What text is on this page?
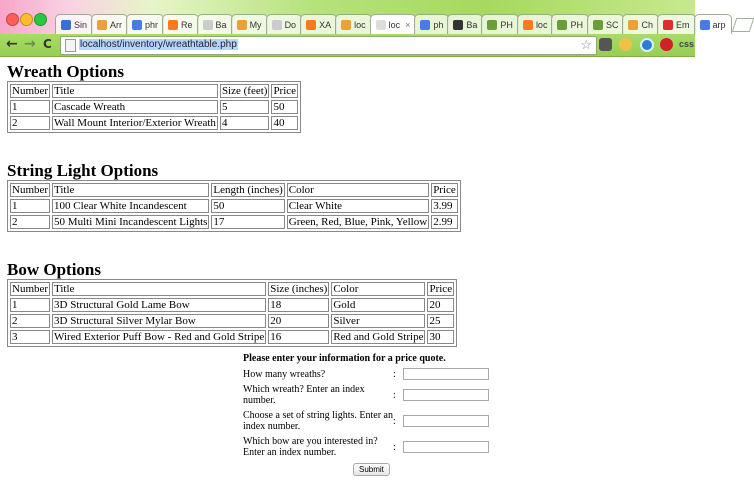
Sin	Arr	phr	Re	Ba	My	Do	XA	loc	loc ×	ph	Ba	PH	loc	PH	SC	Ch	Em	arp
← → C	localhost/inventory/wreathtable.php	☆	css
Wreath Options
Number	Title	Size (feet)	Price
1	Cascade Wreath	5	50
2	Wall Mount Interior/Exterior Wreath	4	40
String Light Options
Number	Title	Length (inches)	Color	Price
1	100 Clear White Incandescent	50	Clear White	3.99
2	50 Multi Mini Incandescent Lights	17	Green, Red, Blue, Pink, Yellow	2.99
Bow Options
Number	Title	Size (inches)	Color	Price
1	3D Structural Gold Lame Bow	18	Gold	20
2	3D Structural Silver Mylar Bow	20	Silver	25
3	Wired Exterior Puff Bow - Red and Gold Stripe	16	Red and Gold Stripe	30
Please enter your information for a price quote.
How many wreaths?	:
Which wreath? Enter an index number.	:
Choose a set of string lights. Enter an index number.	:
Which bow are you interested in? Enter an index number.	:
Submit
